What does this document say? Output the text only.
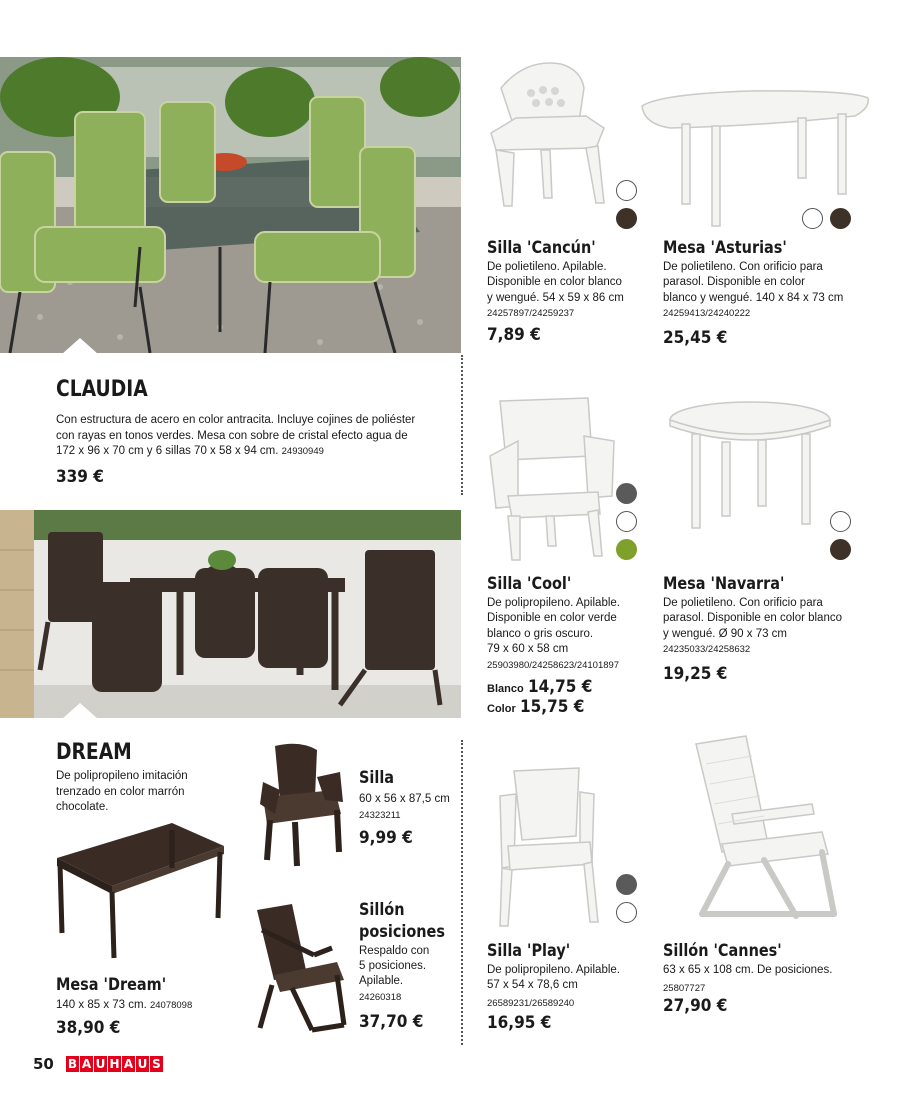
CLAUDIA
Con estructura de acero en color antracita. Incluye cojines de poliéster con rayas en tonos verdes. Mesa con sobre de cristal efecto agua de 172 x 96 x 70 cm y 6 sillas 70 x 58 x 94 cm. 24930949
339 €
DREAM
De polipropileno imitación trenzado en color marrón chocolate.
Mesa 'Dream'
140 x 85 x 73 cm. 24078098
38,90 €
Silla
60 x 56 x 87,5 cm
24323211
9,99 €
Sillón
posiciones
Respaldo con
5 posiciones.
Apilable.
24260318
37,70 €
Silla 'Cancún'
De polietileno. Apilable.
Disponible en color blanco
y wengué. 54 x 59 x 86 cm
24257897/24259237
7,89 €
Mesa 'Asturias'
De polietileno. Con orificio para
parasol. Disponible en color
blanco y wengué. 140 x 84 x 73 cm
24259413/24240222
25,45 €
Silla 'Cool'
De polipropileno. Apilable.
Disponible en color verde
blanco o gris oscuro.
79 x 60 x 58 cm
25903980/24258623/24101897
Blanco 14,75 €
Color 15,75 €
Mesa 'Navarra'
De polietileno. Con orificio para
parasol. Disponible en color blanco
y wengué. Ø 90 x 73 cm
24235033/24258632
19,25 €
Silla 'Play'
De polipropileno. Apilable.
57 x 54 x 78,6 cm
26589231/26589240
16,95 €
Sillón 'Cannes'
63 x 65 x 108 cm. De posiciones.
25807727
27,90 €
50 B A U H A U S
